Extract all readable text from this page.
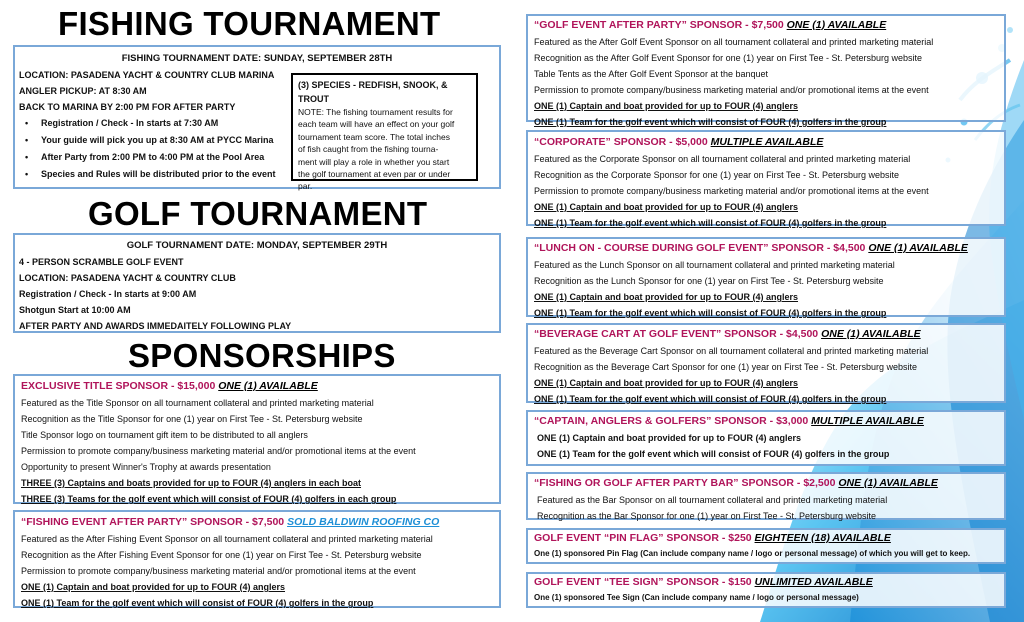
FISHING TOURNAMENT
FISHING TOURNAMENT DATE: SUNDAY, SEPTEMBER 28TH
LOCATION: PASADENA YACHT & COUNTRY CLUB MARINA
ANGLER PICKUP: AT 8:30 AM
BACK TO MARINA BY 2:00 PM FOR AFTER PARTY
• Registration / Check - In starts at 7:30 AM
• Your guide will pick you up at 8:30 AM at PYCC Marina
• After Party from 2:00 PM to 4:00 PM at the Pool Area
• Species and Rules will be distributed prior to the event
(3) SPECIES - REDFISH, SNOOK, & TROUT
NOTE: The fishing tournament results for
each team will have an effect on your golf
tournament team score. The total inches
of fish caught from the fishing tourna-
ment will play a role in whether you start
the golf tournament at even par or under
par.
GOLF TOURNAMENT
GOLF TOURNAMENT DATE: MONDAY, SEPTEMBER 29TH
4 - PERSON SCRAMBLE GOLF EVENT
LOCATION: PASADENA YACHT & COUNTRY CLUB
Registration / Check - In starts at 9:00 AM
Shotgun Start at 10:00 AM
AFTER PARTY AND AWARDS IMMEDAITELY FOLLOWING PLAY
SPONSORSHIPS
EXCLUSIVE TITLE SPONSOR - $15,000 ONE (1) AVAILABLE
Featured as the Title Sponsor on all tournament collateral and printed marketing material
Recognition as the Title Sponsor for one (1) year on First Tee - St. Petersburg website
Title Sponsor logo on tournament gift item to be distributed to all anglers
Permission to promote company/business marketing material and/or promotional items at the event
Opportunity to present Winner's Trophy at awards presentation
THREE (3) Captains and boats provided for up to FOUR (4) anglers in each boat
THREE (3) Teams for the golf event which will consist of FOUR (4) golfers in each group
“FISHING EVENT AFTER PARTY” SPONSOR - $7,500 SOLD BALDWIN ROOFING CO
Featured as the After Fishing Event Sponsor on all tournament collateral and printed marketing material
Recognition as the After Fishing Event Sponsor for one (1) year on First Tee - St. Petersburg website
Permission to promote company/business marketing material and/or promotional items at the event
ONE (1) Captain and boat provided for up to FOUR (4) anglers
ONE (1) Team for the golf event which will consist of FOUR (4) golfers in the group
“GOLF EVENT AFTER PARTY” SPONSOR - $7,500 ONE (1) AVAILABLE
Featured as the After Golf Event Sponsor on all tournament collateral and printed marketing material
Recognition as the After Golf Event Sponsor for one (1) year on First Tee - St. Petersburg website
Table Tents as the After Golf Event Sponsor at the banquet
Permission to promote company/business marketing material and/or promotional items at the event
ONE (1) Captain and boat provided for up to FOUR (4) anglers
ONE (1) Team for the golf event which will consist of FOUR (4) golfers in the group
“CORPORATE” SPONSOR - $5,000 MULTIPLE AVAILABLE
Featured as the Corporate Sponsor on all tournament collateral and printed marketing material
Recognition as the Corporate Sponsor for one (1) year on First Tee - St. Petersburg website
Permission to promote company/business marketing material and/or promotional items at the event
ONE (1) Captain and boat provided for up to FOUR (4) anglers
ONE (1) Team for the golf event which will consist of FOUR (4) golfers in the group
“LUNCH ON - COURSE DURING GOLF EVENT” SPONSOR - $4,500 ONE (1) AVAILABLE
Featured as the Lunch Sponsor on all tournament collateral and printed marketing material
Recognition as the Lunch Sponsor for one (1) year on First Tee - St. Petersburg website
ONE (1) Captain and boat provided for up to FOUR (4) anglers
ONE (1) Team for the golf event which will consist of FOUR (4) golfers in the group
“BEVERAGE CART AT GOLF EVENT” SPONSOR - $4,500 ONE (1) AVAILABLE
Featured as the Beverage Cart Sponsor on all tournament collateral and printed marketing material
Recognition as the Beverage Cart Sponsor for one (1) year on First Tee - St. Petersburg website
ONE (1) Captain and boat provided for up to FOUR (4) anglers
ONE (1) Team for the golf event which will consist of FOUR (4) golfers in the group
“CAPTAIN, ANGLERS & GOLFERS” SPONSOR - $3,000 MULTIPLE AVAILABLE
ONE (1) Captain and boat provided for up to FOUR (4) anglers
ONE (1) Team for the golf event which will consist of FOUR (4) golfers in the group
“FISHING OR GOLF AFTER PARTY BAR” SPONSOR - $2,500 ONE (1) AVAILABLE
Featured as the Bar Sponsor on all tournament collateral and printed marketing material
Recognition as the Bar Sponsor for one (1) year on First Tee - St. Petersburg website
GOLF EVENT “PIN FLAG” SPONSOR - $250 EIGHTEEN (18) AVAILABLE
One (1) sponsored Pin Flag (Can include company name / logo or personal message) of which you will get to keep.
GOLF EVENT “TEE SIGN” SPONSOR - $150 UNLIMITED AVAILABLE
One (1) sponsored Tee Sign (Can include company name / logo or personal message)
